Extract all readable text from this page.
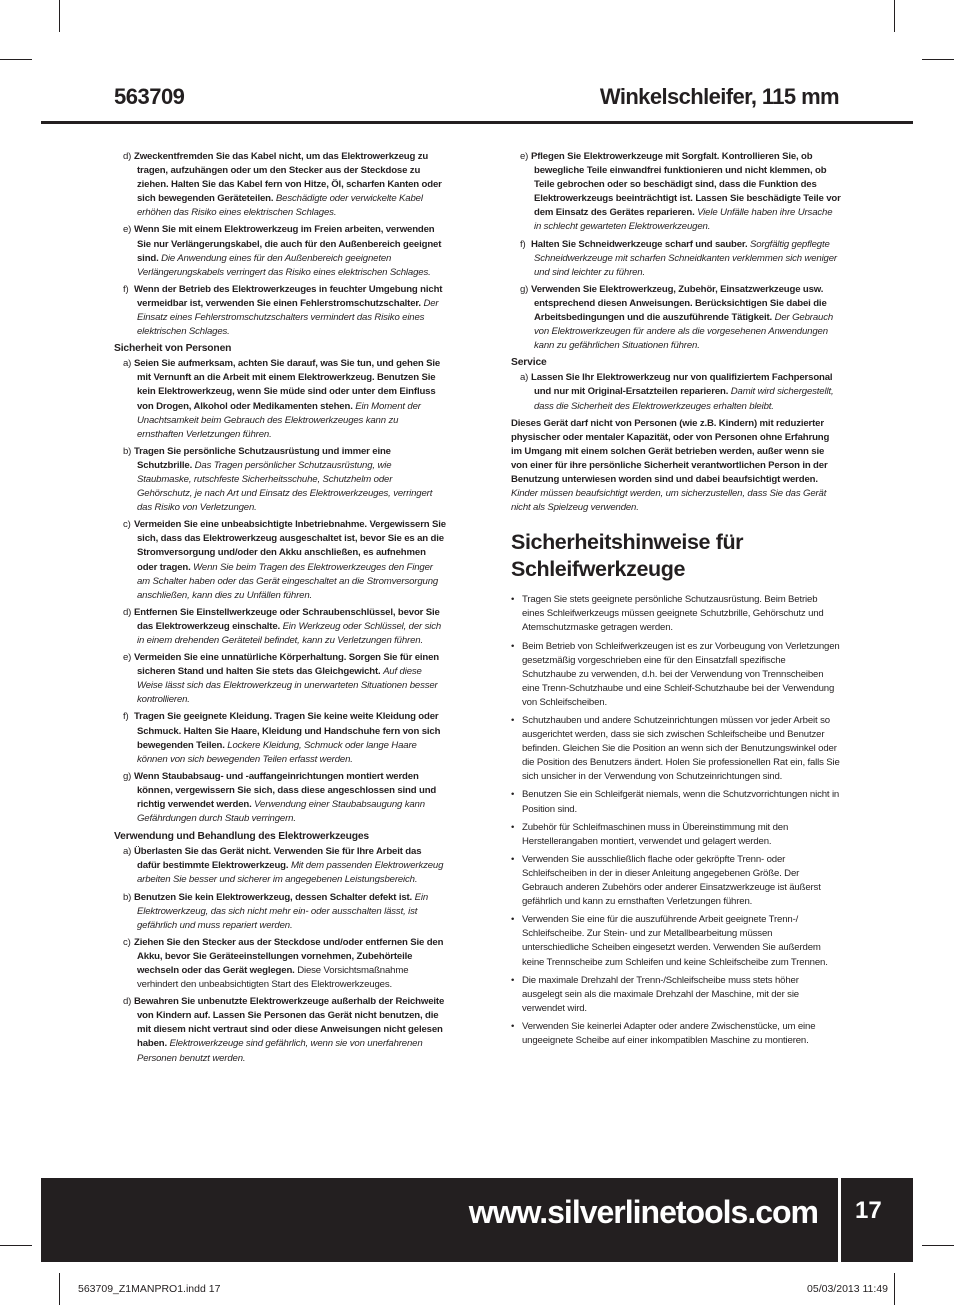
563709	Winkelschleifer, 115 mm

d) Zweckentfremden Sie das Kabel nicht, um das Elektrowerkzeug zu tragen, aufzuhängen oder um den Stecker aus der Steckdose zu ziehen. Halten Sie das Kabel fern von Hitze, Öl, scharfen Kanten oder sich bewegenden Geräteteilen. Beschädigte oder verwickelte Kabel erhöhen das Risiko eines elektrischen Schlages.

e) Wenn Sie mit einem Elektrowerkzeug im Freien arbeiten, verwenden Sie nur Verlängerungskabel, die auch für den Außenbereich geeignet sind. Die Anwendung eines für den Außenbereich geeigneten Verlängerungskabels verringert das Risiko eines elektrischen Schlages.

f) Wenn der Betrieb des Elektrowerkzeuges in feuchter Umgebung nicht vermeidbar ist, verwenden Sie einen Fehlerstromschutzschalter. Der Einsatz eines Fehlerstromschutzschalters vermindert das Risiko eines elektrischen Schlages.

Sicherheit von Personen

a) Seien Sie aufmerksam, achten Sie darauf, was Sie tun, und gehen Sie mit Vernunft an die Arbeit mit einem Elektrowerkzeug. Benutzen Sie kein Elektrowerkzeug, wenn Sie müde sind oder unter dem Einfluss von Drogen, Alkohol oder Medikamenten stehen. Ein Moment der Unachtsamkeit beim Gebrauch des Elektrowerkzeuges kann zu ernsthaften Verletzungen führen.

b) Tragen Sie persönliche Schutzausrüstung und immer eine Schutzbrille. Das Tragen persönlicher Schutzausrüstung, wie Staubmaske, rutschfeste Sicherheitsschuhe, Schutzhelm oder Gehörschutz, je nach Art und Einsatz des Elektrowerkzeuges, verringert das Risiko von Verletzungen.

c) Vermeiden Sie eine unbeabsichtigte Inbetriebnahme. Vergewissern Sie sich, dass das Elektrowerkzeug ausgeschaltet ist, bevor Sie es an die Stromversorgung und/oder den Akku anschließen, es aufnehmen oder tragen. Wenn Sie beim Tragen des Elektrowerkzeuges den Finger am Schalter haben oder das Gerät eingeschaltet an die Stromversorgung anschließen, kann dies zu Unfällen führen.

d) Entfernen Sie Einstellwerkzeuge oder Schraubenschlüssel, bevor Sie das Elektrowerkzeug einschalte. Ein Werkzeug oder Schlüssel, der sich in einem drehenden Geräteteil befindet, kann zu Verletzungen führen.

e) Vermeiden Sie eine unnatürliche Körperhaltung. Sorgen Sie für einen sicheren Stand und halten Sie stets das Gleichgewicht. Auf diese Weise lässt sich das Elektrowerkzeug in unerwarteten Situationen besser kontrollieren.

f) Tragen Sie geeignete Kleidung. Tragen Sie keine weite Kleidung oder Schmuck. Halten Sie Haare, Kleidung und Handschuhe fern von sich bewegenden Teilen. Lockere Kleidung, Schmuck oder lange Haare können von sich bewegenden Teilen erfasst werden.

g) Wenn Staubabsaug- und -auffangeinrichtungen montiert werden können, vergewissern Sie sich, dass diese angeschlossen sind und richtig verwendet werden. Verwendung einer Staubabsaugung kann Gefährdungen durch Staub verringern.

Verwendung und Behandlung des Elektrowerkzeuges

a) Überlasten Sie das Gerät nicht. Verwenden Sie für Ihre Arbeit das dafür bestimmte Elektrowerkzeug. Mit dem passenden Elektrowerkzeug arbeiten Sie besser und sicherer im angegebenen Leistungsbereich.

b) Benutzen Sie kein Elektrowerkzeug, dessen Schalter defekt ist. Ein Elektrowerkzeug, das sich nicht mehr ein- oder ausschalten lässt, ist gefährlich und muss repariert werden.

c) Ziehen Sie den Stecker aus der Steckdose und/oder entfernen Sie den Akku, bevor Sie Geräteeinstellungen vornehmen, Zubehörteile wechseln oder das Gerät weglegen. Diese Vorsichtsmaßnahme verhindert den unbeabsichtigten Start des Elektrowerkzeuges.

d) Bewahren Sie unbenutzte Elektrowerkzeuge außerhalb der Reichweite von Kindern auf. Lassen Sie Personen das Gerät nicht benutzen, die mit diesem nicht vertraut sind oder diese Anweisungen nicht gelesen haben. Elektrowerkzeuge sind gefährlich, wenn sie von unerfahrenen Personen benutzt werden.

e) Pflegen Sie Elektrowerkzeuge mit Sorgfalt. Kontrollieren Sie, ob bewegliche Teile einwandfrei funktionieren und nicht klemmen, ob Teile gebrochen oder so beschädigt sind, dass die Funktion des Elektrowerkzeugs beeinträchtigt ist. Lassen Sie beschädigte Teile vor dem Einsatz des Gerätes reparieren. Viele Unfälle haben ihre Ursache in schlecht gewarteten Elektrowerkzeugen.

f) Halten Sie Schneidwerkzeuge scharf und sauber. Sorgfältig gepflegte Schneidwerkzeuge mit scharfen Schneidkanten verklemmen sich weniger und sind leichter zu führen.

g) Verwenden Sie Elektrowerkzeug, Zubehör, Einsatzwerkzeuge usw. entsprechend diesen Anweisungen. Berücksichtigen Sie dabei die Arbeitsbedingungen und die auszuführende Tätigkeit. Der Gebrauch von Elektrowerkzeugen für andere als die vorgesehenen Anwendungen kann zu gefährlichen Situationen führen.

Service

a) Lassen Sie Ihr Elektrowerkzeug nur von qualifiziertem Fachpersonal und nur mit Original-Ersatzteilen reparieren. Damit wird sichergestellt, dass die Sicherheit des Elektrowerkzeuges erhalten bleibt.

Dieses Gerät darf nicht von Personen (wie z.B. Kindern) mit reduzierter physischer oder mentaler Kapazität, oder von Personen ohne Erfahrung im Umgang mit einem solchen Gerät betrieben werden, außer wenn sie von einer für ihre persönliche Sicherheit verantwortlichen Person in der Benutzung unterwiesen worden sind und dabei beaufsichtigt werden. Kinder müssen beaufsichtigt werden, um sicherzustellen, dass Sie das Gerät nicht als Spielzeug verwenden.

Sicherheitshinweise für Schleifwerkzeuge
• Tragen Sie stets geeignete persönliche Schutzausrüstung. Beim Betrieb eines Schleifwerkzeugs müssen geeignete Schutzbrille, Gehörschutz und Atemschutzmaske getragen werden.
• Beim Betrieb von Schleifwerkzeugen ist es zur Vorbeugung von Verletzungen gesetzmäßig vorgeschrieben eine für den Einsatzfall spezifische Schutzhaube zu verwenden, d.h. bei der Verwendung von Trennscheiben eine Trenn-Schutzhaube und eine Schleif-Schutzhaube bei der Verwendung von Schleifscheiben.
• Schutzhauben und andere Schutzeinrichtungen müssen vor jeder Arbeit so ausgerichtet werden, dass sie sich zwischen Schleifscheibe und Benutzer befinden. Gleichen Sie die Position an wenn sich der Benutzungswinkel oder die Position des Benutzers ändert. Holen Sie professionellen Rat ein, falls Sie sich unsicher in der Verwendung von Schutzeinrichtungen sind.
• Benutzen Sie ein Schleifgerät niemals, wenn die Schutzvorrichtungen nicht in Position sind.
• Zubehör für Schleifmaschinen muss in Übereinstimmung mit den Herstellerangaben montiert, verwendet und gelagert werden.
• Verwenden Sie ausschließlich flache oder gekröpfte Trenn- oder Schleifscheiben in der in dieser Anleitung angegebenen Größe. Der Gebrauch anderen Zubehörs oder anderer Einsatzwerkzeuge ist äußerst gefährlich und kann zu ernsthaften Verletzungen führen.
• Verwenden Sie eine für die auszuführende Arbeit geeignete Trenn-/ Schleifscheibe. Zur Stein- und zur Metallbearbeitung müssen unterschiedliche Scheiben eingesetzt werden. Verwenden Sie außerdem keine Trennscheibe zum Schleifen und keine Schleifscheibe zum Trennen.
• Die maximale Drehzahl der Trenn-/Schleifscheibe muss stets höher ausgelegt sein als die maximale Drehzahl der Maschine, mit der sie verwendet wird.
• Verwenden Sie keinerlei Adapter oder andere Zwischenstücke, um eine ungeeignete Scheibe auf einer inkompatiblen Maschine zu montieren.
www.silverlinetools.com 17
563709_Z1MANPRO1.indd 17	05/03/2013 11:49
